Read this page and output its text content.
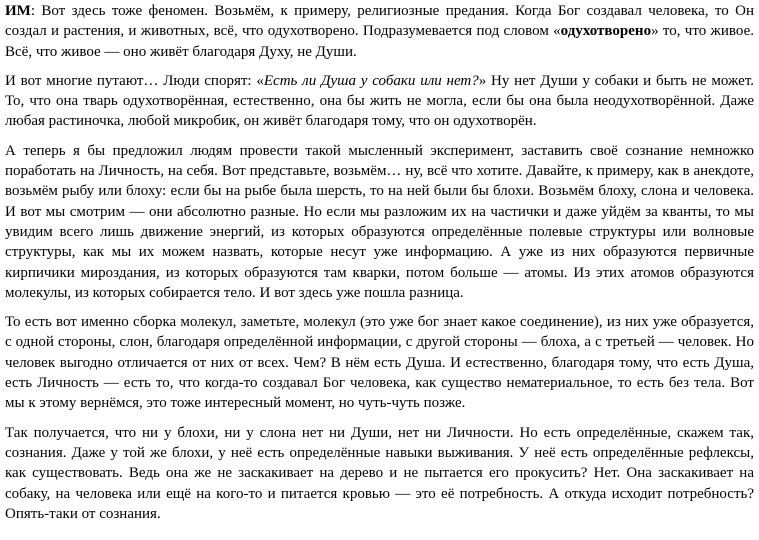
ИМ: Вот здесь тоже феномен. Возьмём, к примеру, религиозные предания. Когда Бог создавал человека, то Он создал и растения, и животных, всё, что одухотворено. Подразумевается под словом «одухотворено» то, что живое. Всё, что живое — оно живёт благодаря Духу, не Души.

И вот многие путают… Люди спорят: «Есть ли Душа у собаки или нет?» Ну нет Души у собаки и быть не может. То, что она тварь одухотворённая, естественно, она бы жить не могла, если бы она была неодухотворённой. Даже любая растиночка, любой микробик, он живёт благодаря тому, что он одухотворён.

А теперь я бы предложил людям провести такой мысленный эксперимент, заставить своё сознание немножко поработать на Личность, на себя. Вот представьте, возьмём… ну, всё что хотите. Давайте, к примеру, как в анекдоте, возьмём рыбу или блоху: если бы на рыбе была шерсть, то на ней были бы блохи. Возьмём блоху, слона и человека. И вот мы смотрим — они абсолютно разные. Но если мы разложим их на частички и даже уйдём за кванты, то мы увидим всего лишь движение энергий, из которых образуются определённые полевые структуры или волновые структуры, как мы их можем назвать, которые несут уже информацию. А уже из них образуются первичные кирпичики мироздания, из которых образуются там кварки, потом больше — атомы. Из этих атомов образуются молекулы, из которых собирается тело. И вот здесь уже пошла разница.

То есть вот именно сборка молекул, заметьте, молекул (это уже бог знает какое соединение), из них уже образуется, с одной стороны, слон, благодаря определённой информации, с другой стороны — блоха, а с третьей — человек. Но человек выгодно отличается от них от всех. Чем? В нём есть Душа. И естественно, благодаря тому, что есть Душа, есть Личность — есть то, что когда-то создавал Бог человека, как существо нематериальное, то есть без тела. Вот мы к этому вернёмся, это тоже интересный момент, но чуть-чуть позже.

Так получается, что ни у блохи, ни у слона нет ни Души, нет ни Личности. Но есть определённые, скажем так, сознания. Даже у той же блохи, у неё есть определённые навыки выживания. У неё есть определённые рефлексы, как существовать. Ведь она же не заскакивает на дерево и не пытается его прокусить? Нет. Она заскакивает на собаку, на человека или ещё на кого-то и питается кровью — это её потребность. А откуда исходит потребность? Опять-таки от сознания.
